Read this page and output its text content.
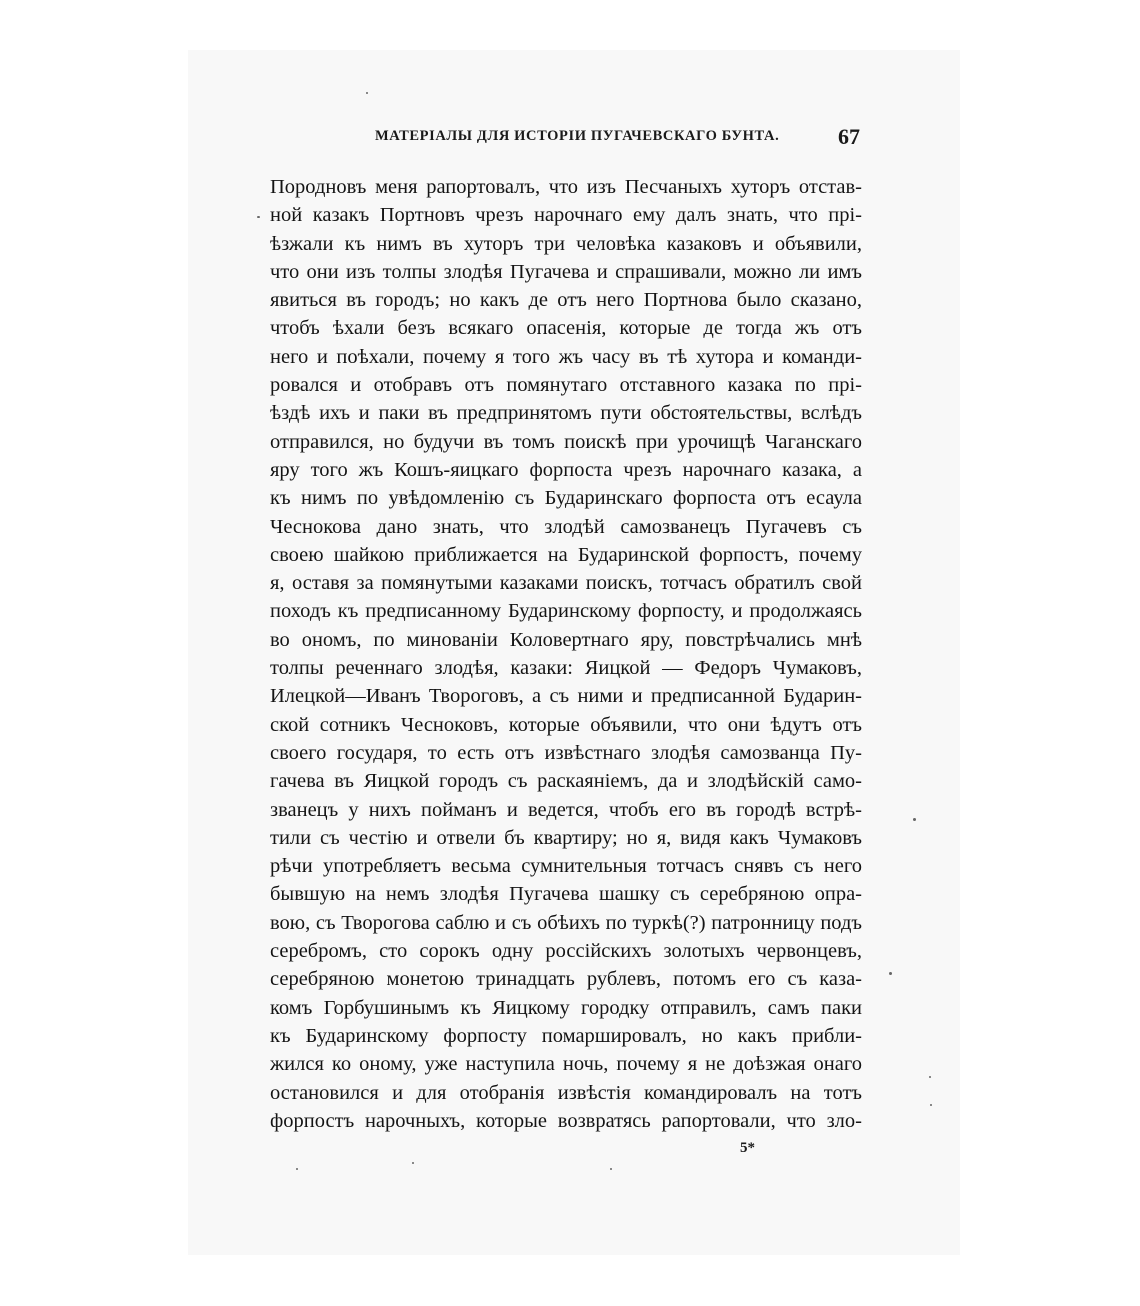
МАТЕРІАЛЫ ДЛЯ ИСТОРІИ ПУГАЧЕВСКАГО БУНТА.	67
Породновъ меня рапортовалъ, что изъ Песчаныхъ хуторъ отстав-
ной казакъ Портновъ чрезъ нарочнаго ему далъ знать, что прі-
ѣзжали къ нимъ въ хуторъ три человѣка казаковъ и объявили,
что они изъ толпы злодѣя Пугачева и спрашивали, можно ли имъ
явиться въ городъ; но какъ де отъ него Портнова было сказано,
чтобъ ѣхали безъ всякаго опасенія, которые де тогда жъ отъ
него и поѣхали, почему я того жъ часу въ тѣ хутора и команди-
ровался и отобравъ отъ помянутаго отставного казака по прі-
ѣздѣ ихъ и паки въ предпринятомъ пути обстоятельствы, вслѣдъ
отправился, но будучи въ томъ поискѣ при урочищѣ Чаганскаго
яру того жъ Кошъ-яицкаго форпоста чрезъ нарочнаго казака, а
къ нимъ по увѣдомленію съ Бударинскаго форпоста отъ есаула
Чеснокова дано знать, что злодѣй самозванецъ Пугачевъ съ
своею шайкою приближается на Бударинской форпостъ, почему
я, оставя за помянутыми казаками поискъ, тотчасъ обратилъ свой
походъ къ предписанному Бударинскому форпосту, и продолжаясь
во ономъ, по минованіи Коловертнаго яру, повстрѣчались мнѣ
толпы реченнаго злодѣя, казаки: Яицкой — Федоръ Чумаковъ,
Илецкой—Иванъ Твороговъ, а съ ними и предписанной Бударин-
ской сотникъ Чесноковъ, которые объявили, что они ѣдутъ отъ
своего государя, то есть отъ извѣстнаго злодѣя самозванца Пу-
гачева въ Яицкой городъ съ раскаяніемъ, да и злодѣйскій само-
званецъ у нихъ пойманъ и ведется, чтобъ его въ городѣ встрѣ-
тили съ честію и отвели бъ квартиру; но я, видя какъ Чумаковъ
рѣчи употребляетъ весьма сумнительныя тотчасъ снявъ съ него
бывшую на немъ злодѣя Пугачева шашку съ серебряною опра-
вою, съ Творогова саблю и съ обѣихъ по туркѣ(?) патронницу подъ
серебромъ, сто сорокъ одну россійскихъ золотыхъ червонцевъ,
серебряною монетою тринадцать рублевъ, потомъ его съ каза-
комъ Горбушинымъ къ Яицкому городку отправилъ, самъ паки
къ Бударинскому форпосту помаршировалъ, но какъ прибли-
жился ко оному, уже наступила ночь, почему я не доѣзжая онаго
остановился и для отобранія извѣстія командировалъ на тотъ
форпостъ нарочныхъ, которые возвратясь рапортовали, что зло-
5*
